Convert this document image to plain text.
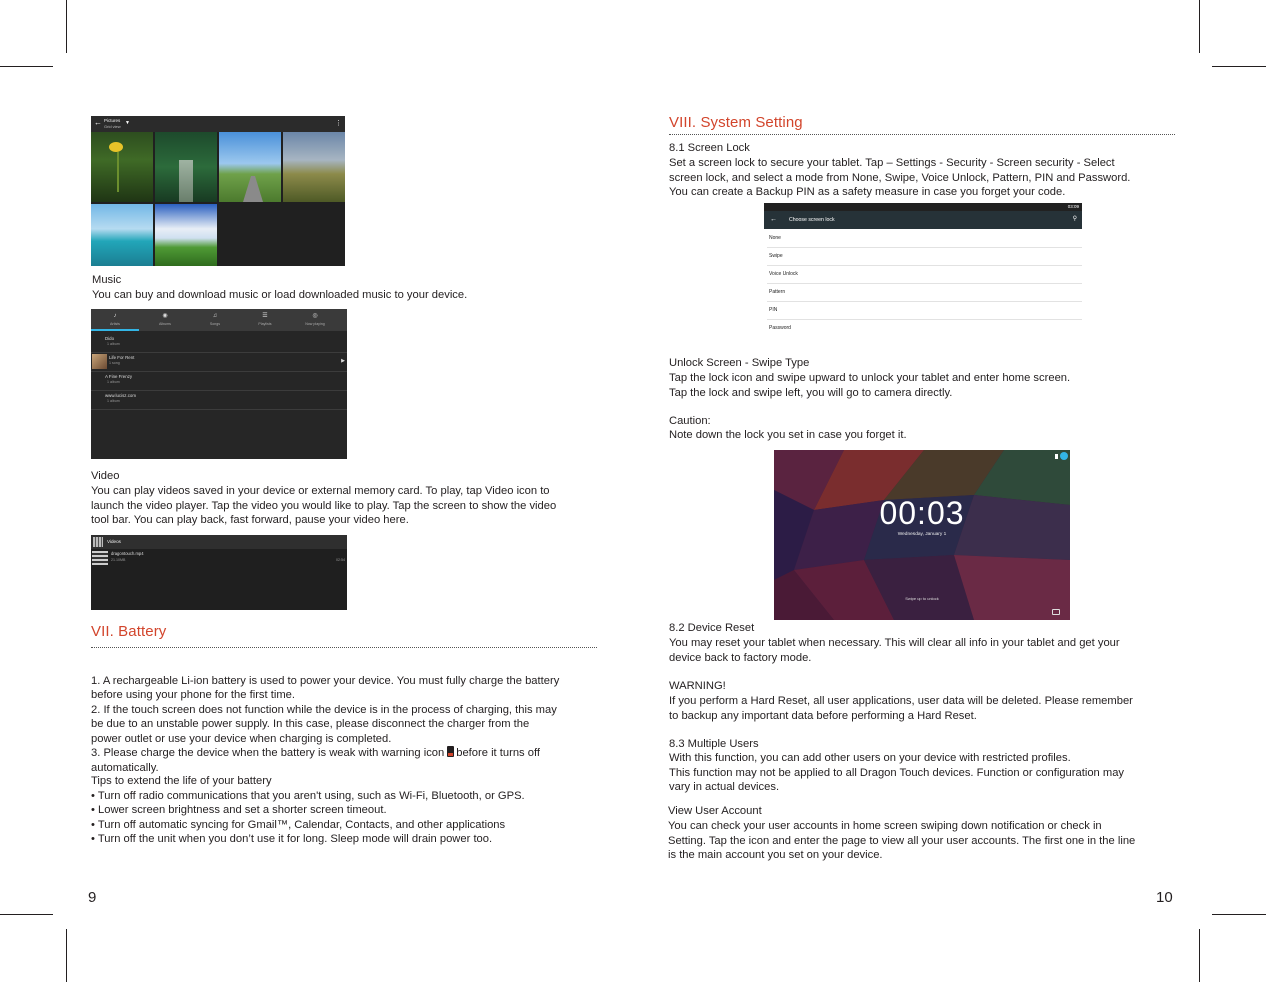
← Pictures
Grid view
▼	⋮
Music
You can buy and download music or load downloaded music to your device.
♪
Artists
◉
Albums
♫
Songs
☰
Playlists
◎
Now playing
Dido
1 album
Life For Rent
1 song	▶
A Fine Frenzy
1 album
www.lucisz.com
1 album
Video
You can play videos saved in your device or external memory card. To play, tap Video icon to
launch the video player. Tap the video you would like to play. Tap the screen to show the video
tool bar. You can play back, fast forward, pause your video here.
Videos
dragontouch.mp4
21.10MB	02:54
VII. Battery

1. A rechargeable Li-ion battery is used to power your device. You must fully charge the battery
before using your phone for the first time.
2. If the touch screen does not function while the device is in the process of charging, this may
be due to an unstable power supply. In this case, please disconnect the charger from the
power outlet or use your device when charging is completed.
3. Please charge the device when the battery is weak with warning icon before it turns off

automatically.

Tips to extend the life of your battery
• Turn off radio communications that you aren't using, such as Wi-Fi, Bluetooth, or GPS.
• Lower screen brightness and set a shorter screen timeout.
• Turn off automatic syncing for Gmail™, Calendar, Contacts, and other applications
• Turn off the unit when you don’t use it for long. Sleep mode will drain power too.
9
VIII. System Setting
8.1 Screen Lock
Set a screen lock to secure your tablet. Tap – Settings - Security - Screen security - Select
screen lock, and select a mode from None, Swipe, Voice Unlock, Pattern, PIN and Password.
You can create a Backup PIN as a safety measure in case you forget your code.
03:09
← Choose screen lock	⚲
None
Swipe
Voice Unlock
Pattern
PIN
Password
Unlock Screen - Swipe Type
Tap the lock icon and swipe upward to unlock your tablet and enter home screen.
Tap the lock and swipe left, you will go to camera directly.
Caution:
Note down the lock you set in case you forget it.
00:03
Wednesday, January 1
Swipe up to unlock
8.2 Device Reset
You may reset your tablet when necessary. This will clear all info in your tablet and get your
device back to factory mode.
WARNING!
If you perform a Hard Reset, all user applications, user data will be deleted. Please remember
to backup any important data before performing a Hard Reset.
8.3 Multiple Users
With this function, you can add other users on your device with restricted profiles.
This function may not be applied to all Dragon Touch devices. Function or configuration may
vary in actual devices.
View User Account
You can check your user accounts in home screen swiping down notification or check in
Setting. Tap the icon and enter the page to view all your user accounts. The first one in the line
is the main account you set on your device.
10
